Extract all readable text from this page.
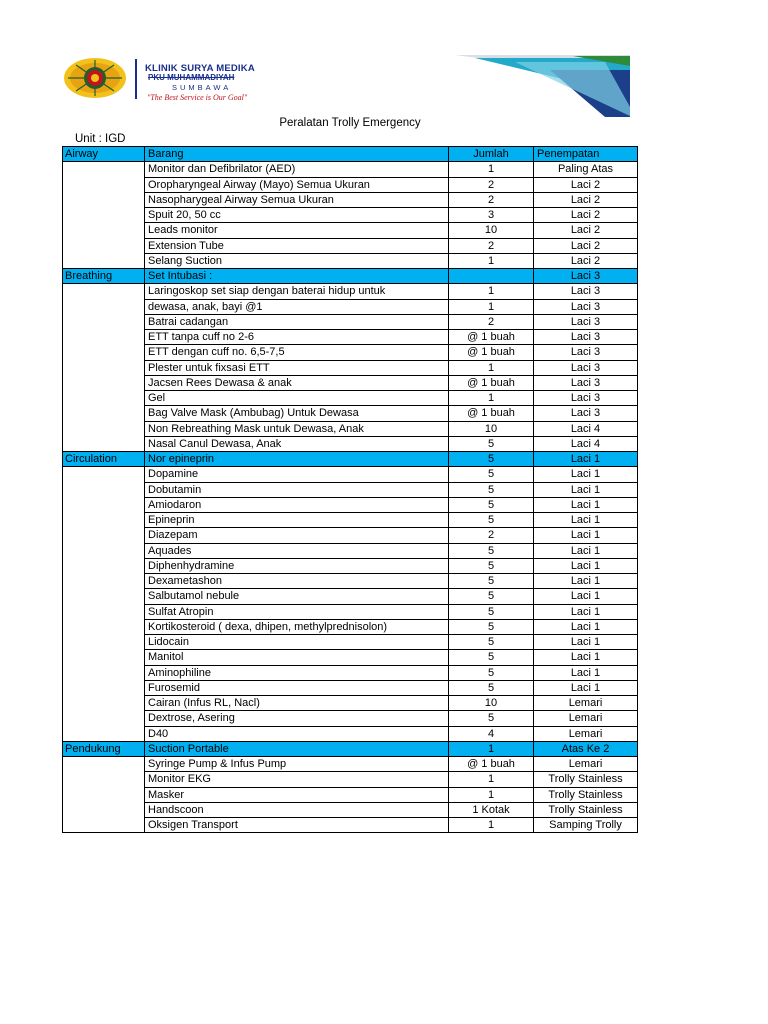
KLINIK SURYA MEDIKA
PKU MUHAMMADIYAH
SUMBAWA
"The Best Service is Our Goal"
Peralatan Trolly Emergency
Unit : IGD
Airway	Barang	Jumlah	Penempatan
	Monitor dan Defibrilator (AED)	1	Paling Atas
	Oropharyngeal Airway (Mayo) Semua Ukuran	2	Laci 2
	Nasopharygeal Airway Semua Ukuran	2	Laci 2
	Spuit 20, 50 cc	3	Laci 2
	Leads monitor	10	Laci 2
	Extension Tube	2	Laci 2
	Selang Suction	1	Laci 2
Breathing	Set Intubasi :		Laci 3
	Laringoskop set siap dengan baterai hidup untuk	1	Laci 3
	dewasa, anak, bayi @1	1	Laci 3
	Batrai cadangan	2	Laci 3
	ETT tanpa cuff no 2-6	@ 1 buah	Laci 3
	ETT dengan cuff no. 6,5-7,5	@ 1 buah	Laci 3
	Plester untuk fixsasi ETT	1	Laci 3
	Jacsen Rees Dewasa & anak	@ 1 buah	Laci 3
	Gel	1	Laci 3
	Bag Valve Mask (Ambubag) Untuk Dewasa	@ 1 buah	Laci 3
	Non Rebreathing Mask untuk Dewasa, Anak	10	Laci 4
	Nasal Canul Dewasa, Anak	5	Laci 4
Circulation	Nor epineprin	5	Laci 1
	Dopamine	5	Laci 1
	Dobutamin	5	Laci 1
	Amiodaron	5	Laci 1
	Epineprin	5	Laci 1
	Diazepam	2	Laci 1
	Aquades	5	Laci 1
	Diphenhydramine	5	Laci 1
	Dexametashon	5	Laci 1
	Salbutamol nebule	5	Laci 1
	Sulfat Atropin	5	Laci 1
	Kortikosteroid ( dexa, dhipen, methylprednisolon)	5	Laci 1
	Lidocain	5	Laci 1
	Manitol	5	Laci 1
	Aminophiline	5	Laci 1
	Furosemid	5	Laci 1
	Cairan (Infus RL, Nacl)	10	Lemari
	Dextrose, Asering	5	Lemari
	D40	4	Lemari
Pendukung	Suction Portable	1	Atas Ke 2
	Syringe Pump & Infus Pump	@ 1 buah	Lemari
	Monitor EKG	1	Trolly Stainless
	Masker	1	Trolly Stainless
	Handscoon	1 Kotak	Trolly Stainless
	Oksigen Transport	1	Samping Trolly
